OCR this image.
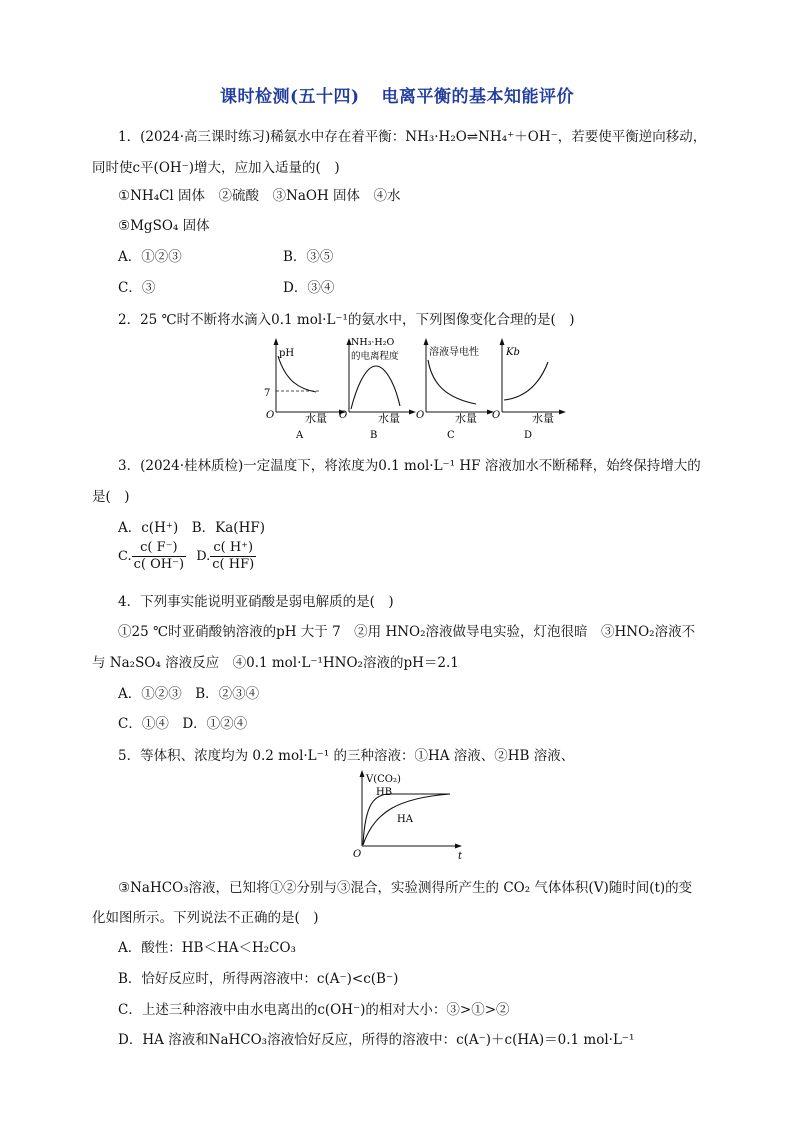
课时检测(五十四) 电离平衡的基本知能评价
1．(2024·高三课时练习)稀氨水中存在着平衡：NH₃·H₂O⇌NH₄⁺＋OH⁻，若要使平衡逆向移动，
同时使c平(OH⁻)增大，应加入适量的(　)
①NH₄Cl 固体　②硫酸　③NaOH 固体　④水
⑤MgSO₄ 固体
A．①②③	B．③⑤
C．③	D．③④
2．25 ℃时不断将水滴入0.1 mol·L⁻¹的氨水中，下列图像变化合理的是(　)
pH
7
O	水量
A
NH₃·H₂O
的电离程度
O	水量
B
溶液导电性
O	水量
C
Kb
O	水量
D
3．(2024·桂林质检)一定温度下，将浓度为0.1 mol·L⁻¹ HF 溶液加水不断稀释，始终保持增大的
是(　)
A．c(H⁺)　B．Ka(HF)
C. $\frac{c( F^-)}{c( OH^-)} D$. $\frac{c( H^+)}{c( HF)}$
4．下列事实能说明亚硝酸是弱电解质的是(　)
①25 ℃时亚硝酸钠溶液的pH 大于 7　②用 HNO₂溶液做导电实验，灯泡很暗　③HNO₂溶液不
与 Na₂SO₄ 溶液反应　④0.1 mol·L⁻¹HNO₂溶液的pH＝2.1
A．①②③　B．②③④
C．①④　D．①②④
5．等体积、浓度均为 0.2 mol·L⁻¹ 的三种溶液：①HA 溶液、②HB 溶液、
V(CO₂)
HB
HA
O	t
③NaHCO₃溶液，已知将①②分别与③混合，实验测得所产生的 CO₂ 气体体积(V)随时间(t)的变
化如图所示。下列说法不正确的是(　)
A．酸性：HB＜HA＜H₂CO₃
B．恰好反应时，所得两溶液中：c(A⁻)<c(B⁻)
C．上述三种溶液中由水电离出的c(OH⁻)的相对大小：③>①>②
D．HA 溶液和NaHCO₃溶液恰好反应，所得的溶液中：c(A⁻)＋c(HA)＝0.1 mol·L⁻¹
